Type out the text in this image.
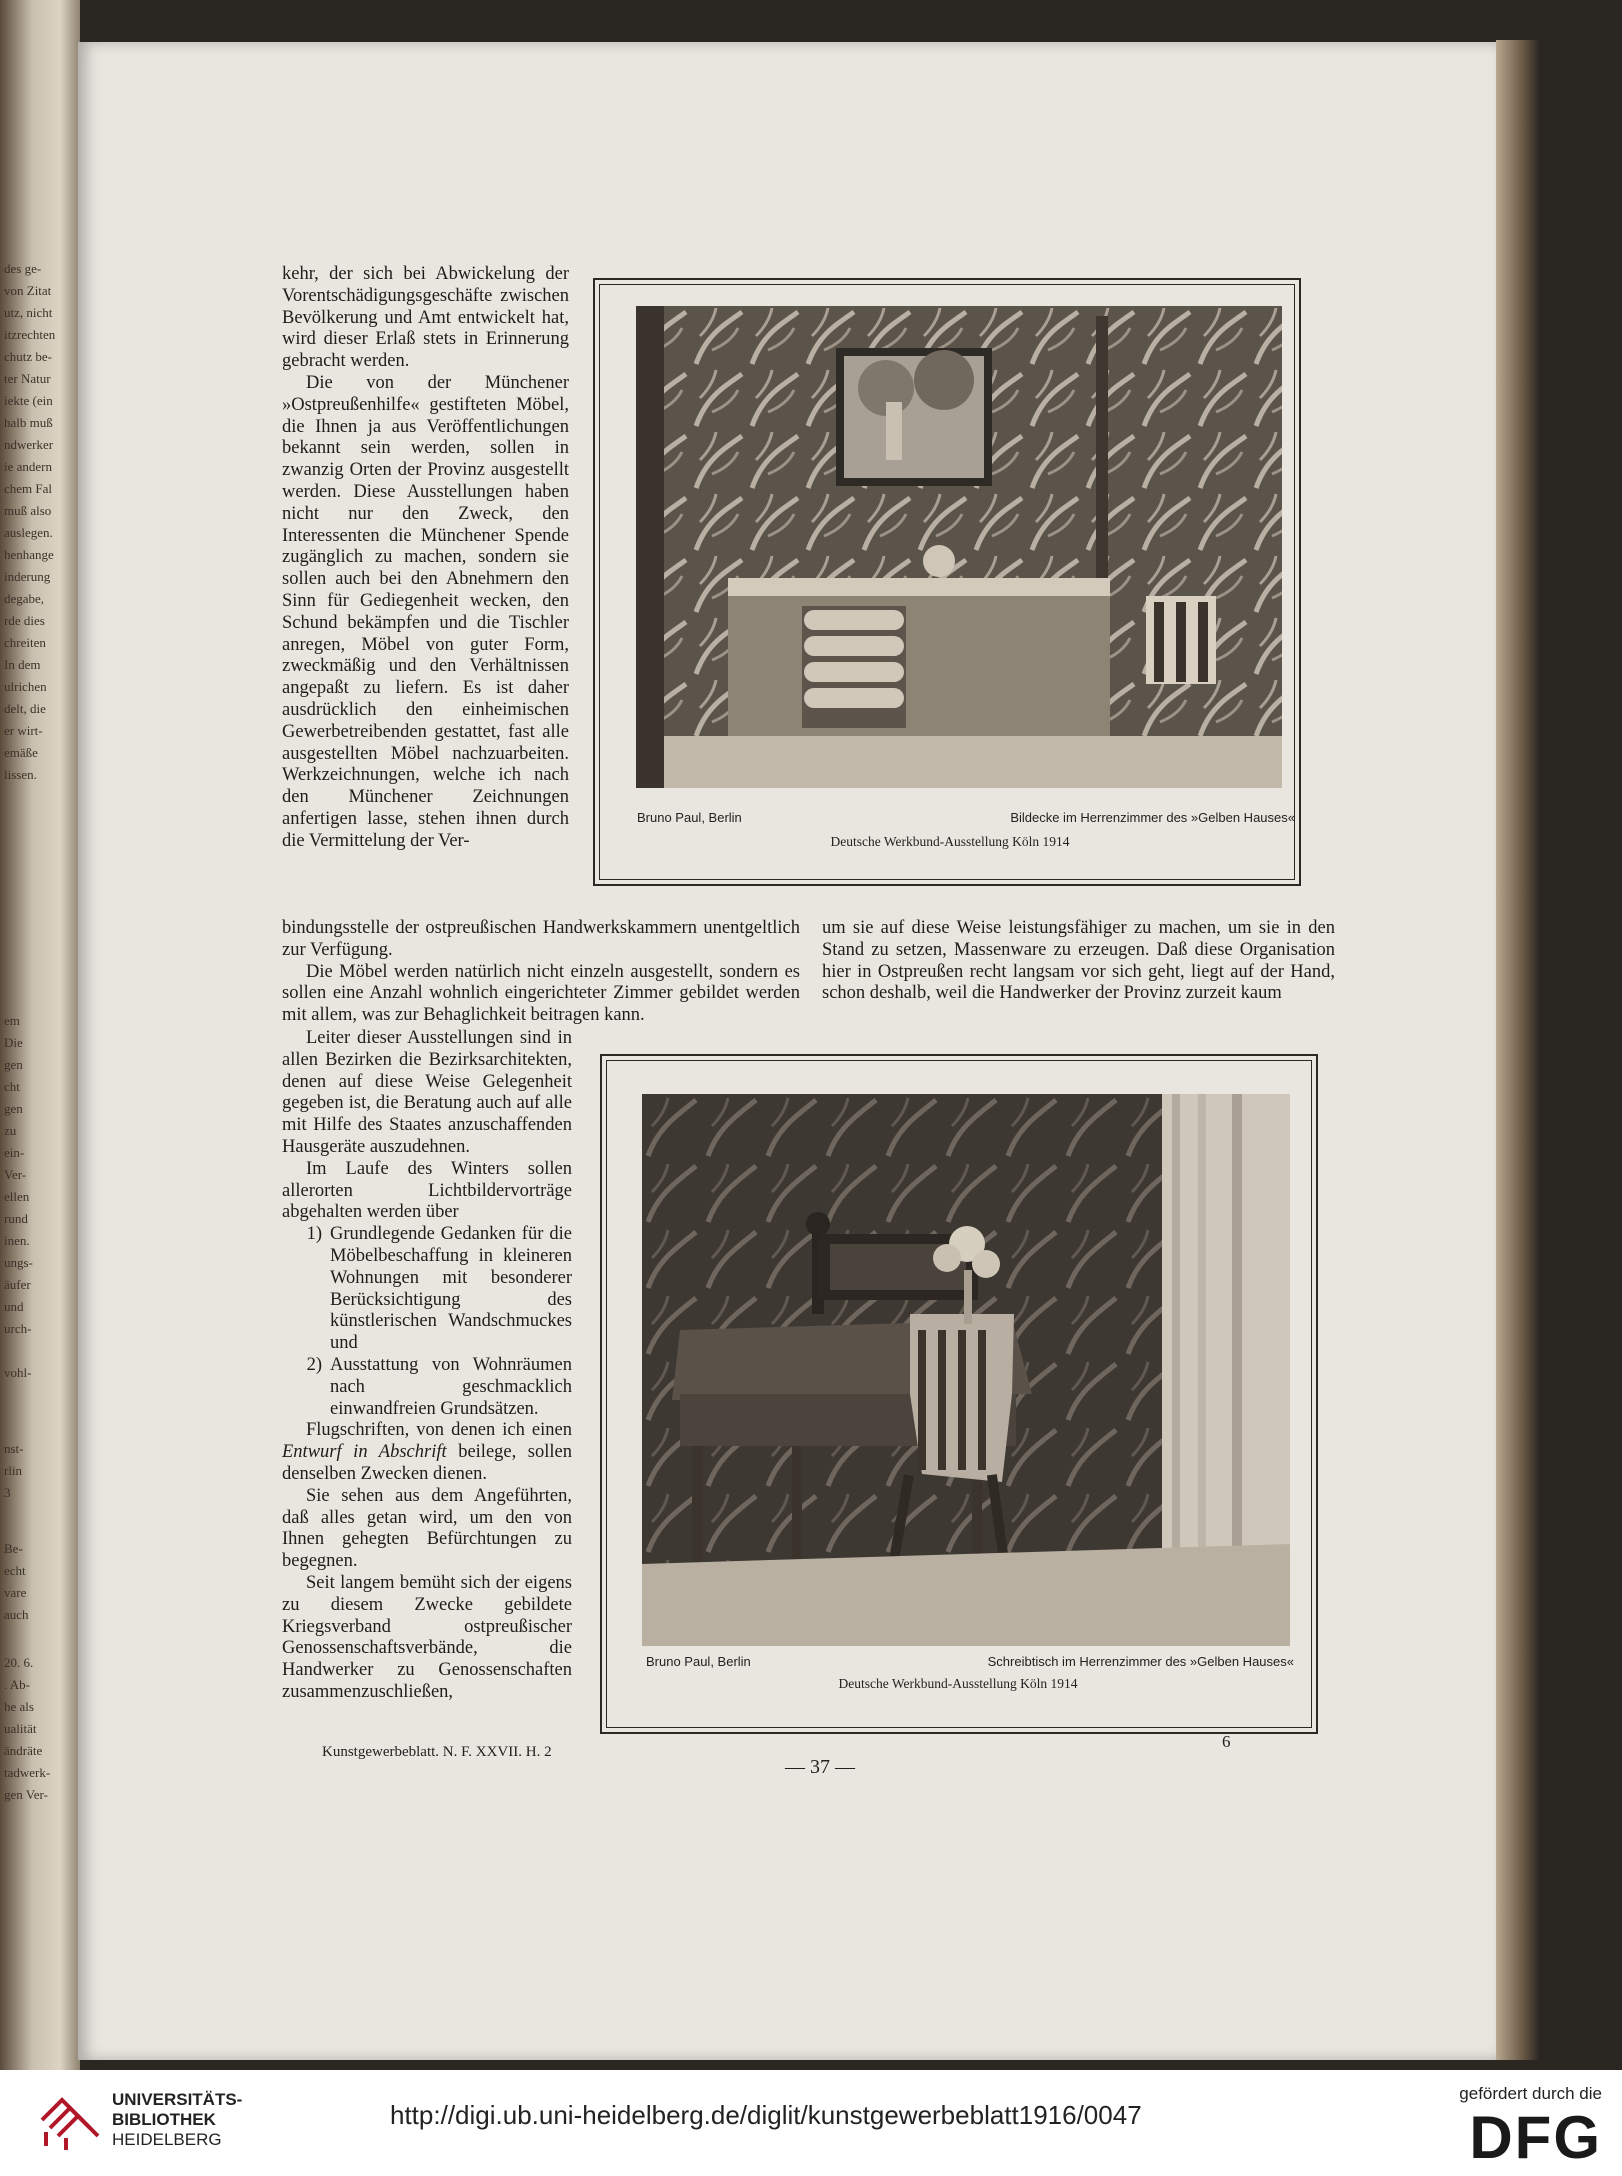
des ge-
von Zitat
utz, nicht
itzrechten
chutz be-
ter Natur
iekte (ein
halb muß
ndwerker
ie andern
chem Fal
muß also
auslegen.
henhange
inderung
degabe,
rde dies
chreiten
In dem
ulrichen
delt, die
er wirt-
emäße
lissen.
em
Die
gen
cht
gen
zu
ein-
Ver-
ellen
rund
inen.
ungs-
äufer
und
urch-
vohl-
nst-
rlin
3
Be-
echt
vare
auch
20. 6.
. Ab-
he als
ualität
ändräte
tadwerk-
gen Ver-

kehr, der sich bei Abwickelung der Vorentschädigungsgeschäfte zwischen Bevölkerung und Amt entwickelt hat, wird dieser Erlaß stets in Erinnerung gebracht werden.

Die von der Münchener »Ostpreußenhilfe« gestifteten Möbel, die Ihnen ja aus Veröffentlichungen bekannt sein werden, sollen in zwanzig Orten der Provinz ausgestellt werden. Diese Ausstellungen haben nicht nur den Zweck, den Interessenten die Münchener Spende zugänglich zu machen, sondern sie sollen auch bei den Abnehmern den Sinn für Gediegenheit wecken, den Schund bekämpfen und die Tischler anregen, Möbel von guter Form, zweckmäßig und den Verhältnissen angepaßt zu liefern. Es ist daher ausdrücklich den einheimischen Gewerbetreibenden gestattet, fast alle ausgestellten Möbel nachzuarbeiten. Werkzeichnungen, welche ich nach den Münchener Zeichnungen anfertigen lasse, stehen ihnen durch die Vermittelung der Ver-

Bruno Paul, Berlin	Bildecke im Herrenzimmer des »Gelben Hauses«
Deutsche Werkbund-Ausstellung Köln 1914

bindungsstelle der ostpreußischen Handwerkskammern unentgeltlich zur Verfügung.

Die Möbel werden natürlich nicht einzeln ausgestellt, sondern es sollen eine Anzahl wohnlich eingerichteter Zimmer gebildet werden mit allem, was zur Behaglichkeit beitragen kann.

um sie auf diese Weise leistungsfähiger zu machen, um sie in den Stand zu setzen, Massenware zu erzeugen. Daß diese Organisation hier in Ostpreußen recht langsam vor sich geht, liegt auf der Hand, schon deshalb, weil die Handwerker der Provinz zurzeit kaum

Leiter dieser Ausstellungen sind in allen Bezirken die Bezirksarchitekten, denen auf diese Weise Gelegenheit gegeben ist, die Beratung auch auf alle mit Hilfe des Staates anzuschaffenden Hausgeräte auszudehnen.

Im Laufe des Winters sollen allerorten Lichtbildervorträge abgehalten werden über

1) Grundlegende Gedanken für die Möbelbeschaffung in kleineren Wohnungen mit besonderer Berücksichtigung des künstlerischen Wandschmuckes und
2) Ausstattung von Wohnräumen nach geschmacklich einwandfreien Grundsätzen.

Flugschriften, von denen ich einen Entwurf in Abschrift beilege, sollen denselben Zwecken dienen.

Sie sehen aus dem Angeführten, daß alles getan wird, um den von Ihnen gehegten Befürchtungen zu begegnen.

Seit langem bemüht sich der eigens zu diesem Zwecke gebildete Kriegsverband ostpreußischer Genossenschaftsverbände, die Handwerker zu Genossenschaften zusammenzuschließen,

Bruno Paul, Berlin	Schreibtisch im Herrenzimmer des »Gelben Hauses«
Deutsche Werkbund-Ausstellung Köln 1914
Kunstgewerbeblatt. N. F. XXVII. H. 2
6
— 37 —
UNIVERSITÄTS-
BIBLIOTHEK
HEIDELBERG
http://digi.ub.uni-heidelberg.de/diglit/kunstgewerbeblatt1916/0047
gefördert durch die
DFG
